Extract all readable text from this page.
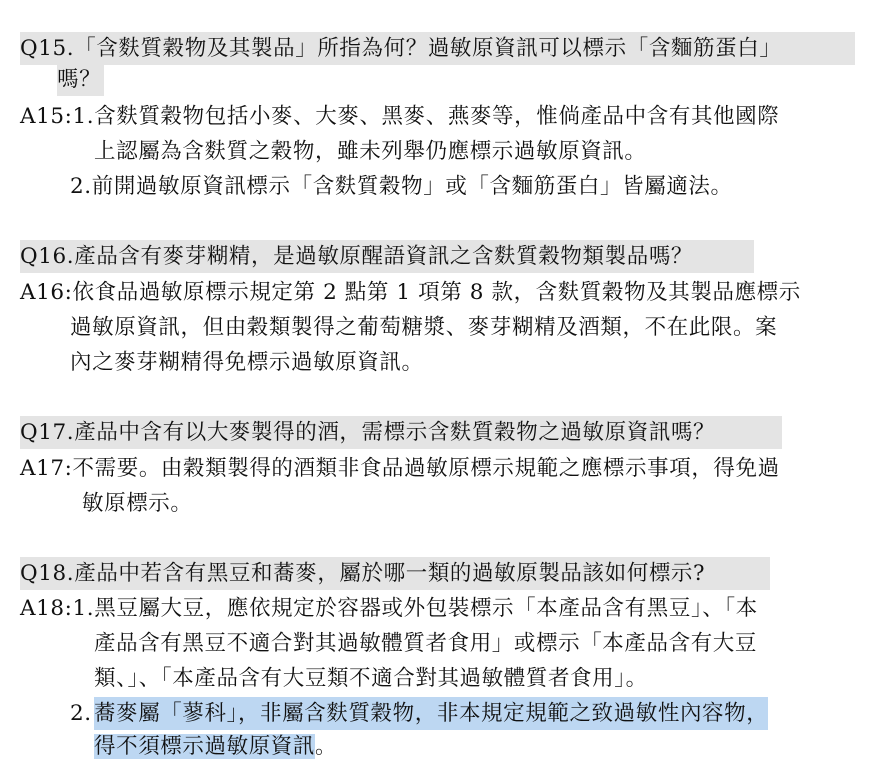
Q15.「含麩質穀物及其製品」所指為何？過敏原資訊可以標示「含麵筋蛋白」
嗎？
A15:1.含麩質穀物包括小麥、大麥、黑麥、燕麥等，惟倘產品中含有其他國際
上認屬為含麩質之穀物，雖未列舉仍應標示過敏原資訊。
2.前開過敏原資訊標示「含麩質穀物」或「含麵筋蛋白」皆屬適法。
Q16.產品含有麥芽糊精，是過敏原醒語資訊之含麩質穀物類製品嗎？
A16:依食品過敏原標示規定第 2 點第 1 項第 8 款，含麩質穀物及其製品應標示
過敏原資訊，但由穀類製得之葡萄糖漿、麥芽糊精及酒類，不在此限。案
內之麥芽糊精得免標示過敏原資訊。
Q17.產品中含有以大麥製得的酒，需標示含麩質穀物之過敏原資訊嗎？
A17:不需要。由穀類製得的酒類非食品過敏原標示規範之應標示事項，得免過
敏原標示。
Q18.產品中若含有黑豆和蕎麥，屬於哪一類的過敏原製品該如何標示?
A18:1.黑豆屬大豆，應依規定於容器或外包裝標示「本產品含有黑豆」、「本
產品含有黑豆不適合對其過敏體質者食用」或標示「本產品含有大豆
類、」、「本產品含有大豆類不適合對其過敏體質者食用」。
2. 蕎麥屬「蓼科」，非屬含麩質穀物，非本規定規範之致過敏性內容物，
得不須標示過敏原資訊。
